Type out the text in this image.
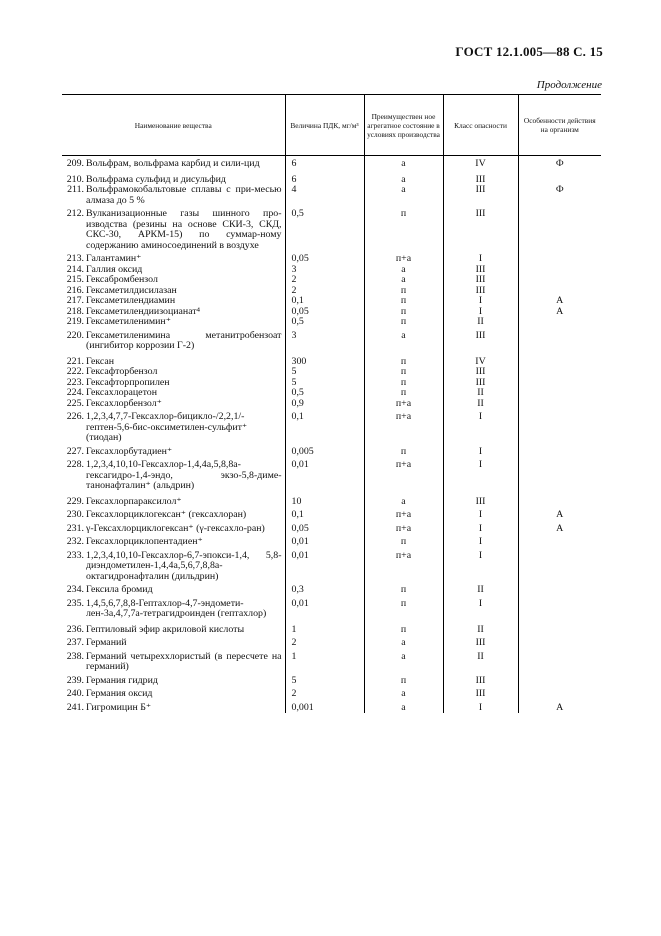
ГОСТ 12.1.005—88 С. 15
Продолжение
Наименование вещества	Величина ПДК, мг/м³	Преимуществен ное агрегатное состояние в условиях производства	Класс опасности	Особенности действия на организм
209. Вольфрам, вольфрама карбид и сили-цид	6	а	IV	Ф
210. Вольфрама сульфид и дисульфид	6	а	III	
211. Вольфрамокобальтовые сплавы с при-месью алмаза до 5 %	4	а	III	Ф
212. Вулканизационные газы шинного про-изводства (резины на основе СКИ-3, СКД, СКС-30, АРКМ-15) по суммар-ному содержанию аминосоединений в воздухе	0,5	п	III	
213. Галантамин⁺	0,05	п+а	I	
214. Галлия оксид	3	а	III	
215. Гексабромбензол	2	а	III	
216. Гексаметилдисилазан	2	п	III	
217. Гексаметилендиамин	0,1	п	I	А
218. Гексаметилендиизоцианат⁴	0,05	п	I	А
219. Гексаметиленимин⁺	0,5	п	II	
220. Гексаметиленимина метанитробензоат (ингибитор коррозии Г-2)	3	а	III	
221. Гексан	300	п	IV	
222. Гексафторбензол	5	п	III	
223. Гексафторпропилен	5	п	III	
224. Гексахлорацетон	0,5	п	II	
225. Гексахлорбензол⁺	0,9	п+а	II	
226. 1,2,3,4,7,7-Гексахлор-бицикло-/2,2,1/-гептен-5,6-бис-оксиметилен-сульфит⁺ (тиодан)	0,1	п+а	I	
227. Гексахлорбутадиен⁺	0,005	п	I	
228. 1,2,3,4,10,10-Гексахлор-1,4,4а,5,8,8а-гексагидро-1,4-эндо, экзо-5,8-диме-танонафталин⁺ (альдрин)	0,01	п+а	I	
229. Гексахлорпараксилол⁺	10	а	III	
230. Гексахлорциклогексан⁺ (гексахлоран)	0,1	п+а	I	А
231. γ-Гексахлорциклогексан⁺ (γ-гексахло-ран)	0,05	п+а	I	А
232. Гексахлорциклопентадиен⁺	0,01	п	I	
233. 1,2,3,4,10,10-Гексахлор-6,7-эпокси-1,4, 5,8-диэндометилен-1,4,4а,5,6,7,8,8а-октагидронафталин (дильдрин)	0,01	п+а	I	
234. Гексила бромид	0,3	п	II	
235. 1,4,5,6,7,8,8-Гептахлор-4,7-эндомети-лен-3а,4,7,7а-тетрагидроинден (гептахлор)	0,01	п	I	
236. Гептиловый эфир акриловой кислоты	1	п	II	
237. Германий	2	а	III	
238. Германий четыреххлористый (в пересчете на германий)	1	а	II	
239. Германия гидрид	5	п	III	
240. Германия оксид	2	а	III	
241. Гигромицин Б⁺	0,001	а	I	А
